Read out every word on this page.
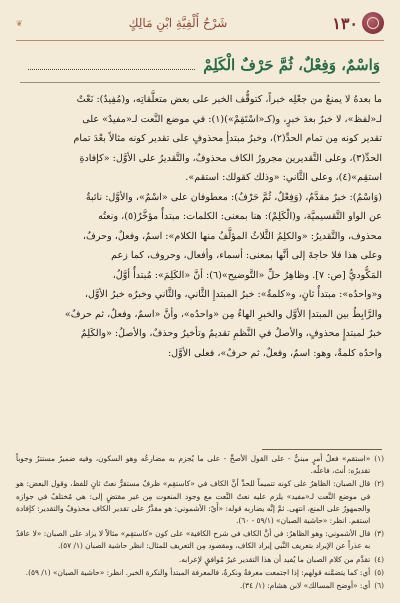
١٣٠
شَرْحُ أَلْفِيَّةِ ابْنِ مَالِكٍ
❦
وَاسْمٌ، وَفِعْلٌ، ثُمَّ حَرْفٌ الْكَلِمْ
ما بعدهُ لا يمنعُ من جعْلِه خبراً، كتوقُّف الخبر على بعض متعلَّقاتِه، و(مُفِيدٌ): نَعْتٌ
لـ«لفظ»، لا خبرٌ بعدَ خبرٍ، و(كـ«اسْتَقِمْ»)(١): في موضع النَّعت لـ«مفيدٌ» على
تقدير كونه مِن تمام الحدِّ(٢)، وخبرُ مبتدأٍ محذوفٍ على تقدير كونه مثالاً بعْدَ تمام
الحدِّ(٣)، وعلى التَّقديرين مجرورُ الكاف محذوفٌ، والتَّقديرُ على الأوَّل: «كإفادةِ
استقِم»(٤)، وعلى الثَّاني: «وذلك كقولك: استقم».
(وَاسْمٌ): خبرٌ مقدَّمٌ، (وَفِعْلٌ، ثُمَّ حَرْفٌ): معطوفان على «اسْمٌ»، والأوَّل: نائبةٌ
عن الواو التَّقسيميَّة، و(الْكَلِمْ): هنا بمعنى: الكلمات: مبتدأٌ مؤخَّرٌ(٥)، ونعتُه
محذوف، والتَّقديرُ: «والكلِمُ الثَّلاثُ المؤلَّفُ منها الكلام»: اسمٌ، وفعلٌ، وحرفٌ،
وعلى هذا فلا حاجةَ إلى أنَّها بمعنى: أسماء، وأفعال، وحروف، كما زعم
المَكُّوديُّ [ص: ٧]. وظاهِرُ حلِّ «التَّوضيح»(٦): أنَّ «الكَلِمَ»: مُبتدأٌ أوَّلُ،
و«واحدُه»: مبتدأٌ ثانٍ، و«كلمةٌ»: خبرُ المبتدإِ الثَّاني، والثَّاني وخبرُه خبرُ الأوَّل،
والرَّابِطُ بين المبتدإ الأوَّل والخبرِ الهاءُ مِن «واحدُه»، وأنَّ «اسمٌ، وفعلٌ، ثم حرفٌ»
خبرٌ لمبتدإٍ محذوفٍ، والأصلُ في النَّظمِ تقديمٌ وتأخيرٌ وحذفٌ، والأصلُ: «والكَلِمُ
واحدُه كلمةٌ، وهو: اسمٌ، وفعلٌ، ثم حرفٌ»، فعلى الأوَّل:
(١)
«استقم» فعلُ أمرٍ مبنيٌّ - على القول الأصحِّ - على ما يُجزم به مضارعُه وهو السكون، وفيه ضميرٌ مستترٌ وجوباً تقديرُه: أنتَ، فاعلُه.
(٢)
قال الصبان: الظاهرُ على كونه تتميماً للحدِّ أنَّ الكاف في «كاستقِم» ظرفٌ مستقرٌّ نعتٌ ثانٍ للفظ، وقول البعض: هو في موضع النَّعت لـ«مفيد» يلزم عليه نعتُ النَّعت مع وجود المنعوت مِن غير مقتضٍ إلى: هي مُختلفٌ في جوازه والجمهورُ على المنع، انتهى. ثمَّ إنَّه يضاربه قوله: «أَيْ: الأشموني: هو مقدَّرٌ على تقدير الكاف محذوفٌ والتقدير: كإفادة استقم. انظر: «حاشية الصبان» (٥٩/١ - ٦٠).
(٣)
قال الأشموني: وهو الظاهرُ: في أنَّ الكاف في شرح الكافية» على كون «كاستقِم» مثالاً لا يزاد على الصبان: «لا عاقدٌ به عذراً عن الإيراد بتعريف النَّبي إيراد الكاف، ومقصود مِن التعريف للمثال: انظر حاشية الصبان (١/ ٥٧).
(٤)
تقدَّم من كلام الصبان ما يُفيد أن هذا التقدير غيرُ مُوافقٍ لإعرابه.
(٥)
أي: كما يتضمَّنه قولهم: إذا اجتمعت معرفةٌ ونكرةٌ، فالمعرفة المبتدأ والنكرة الخبر. انظر: «حاشية الصبان» (١/ ٥٩).
(٦)
أي: «أوضح المسالك» لابن هشام: (١/ ٣٤).
